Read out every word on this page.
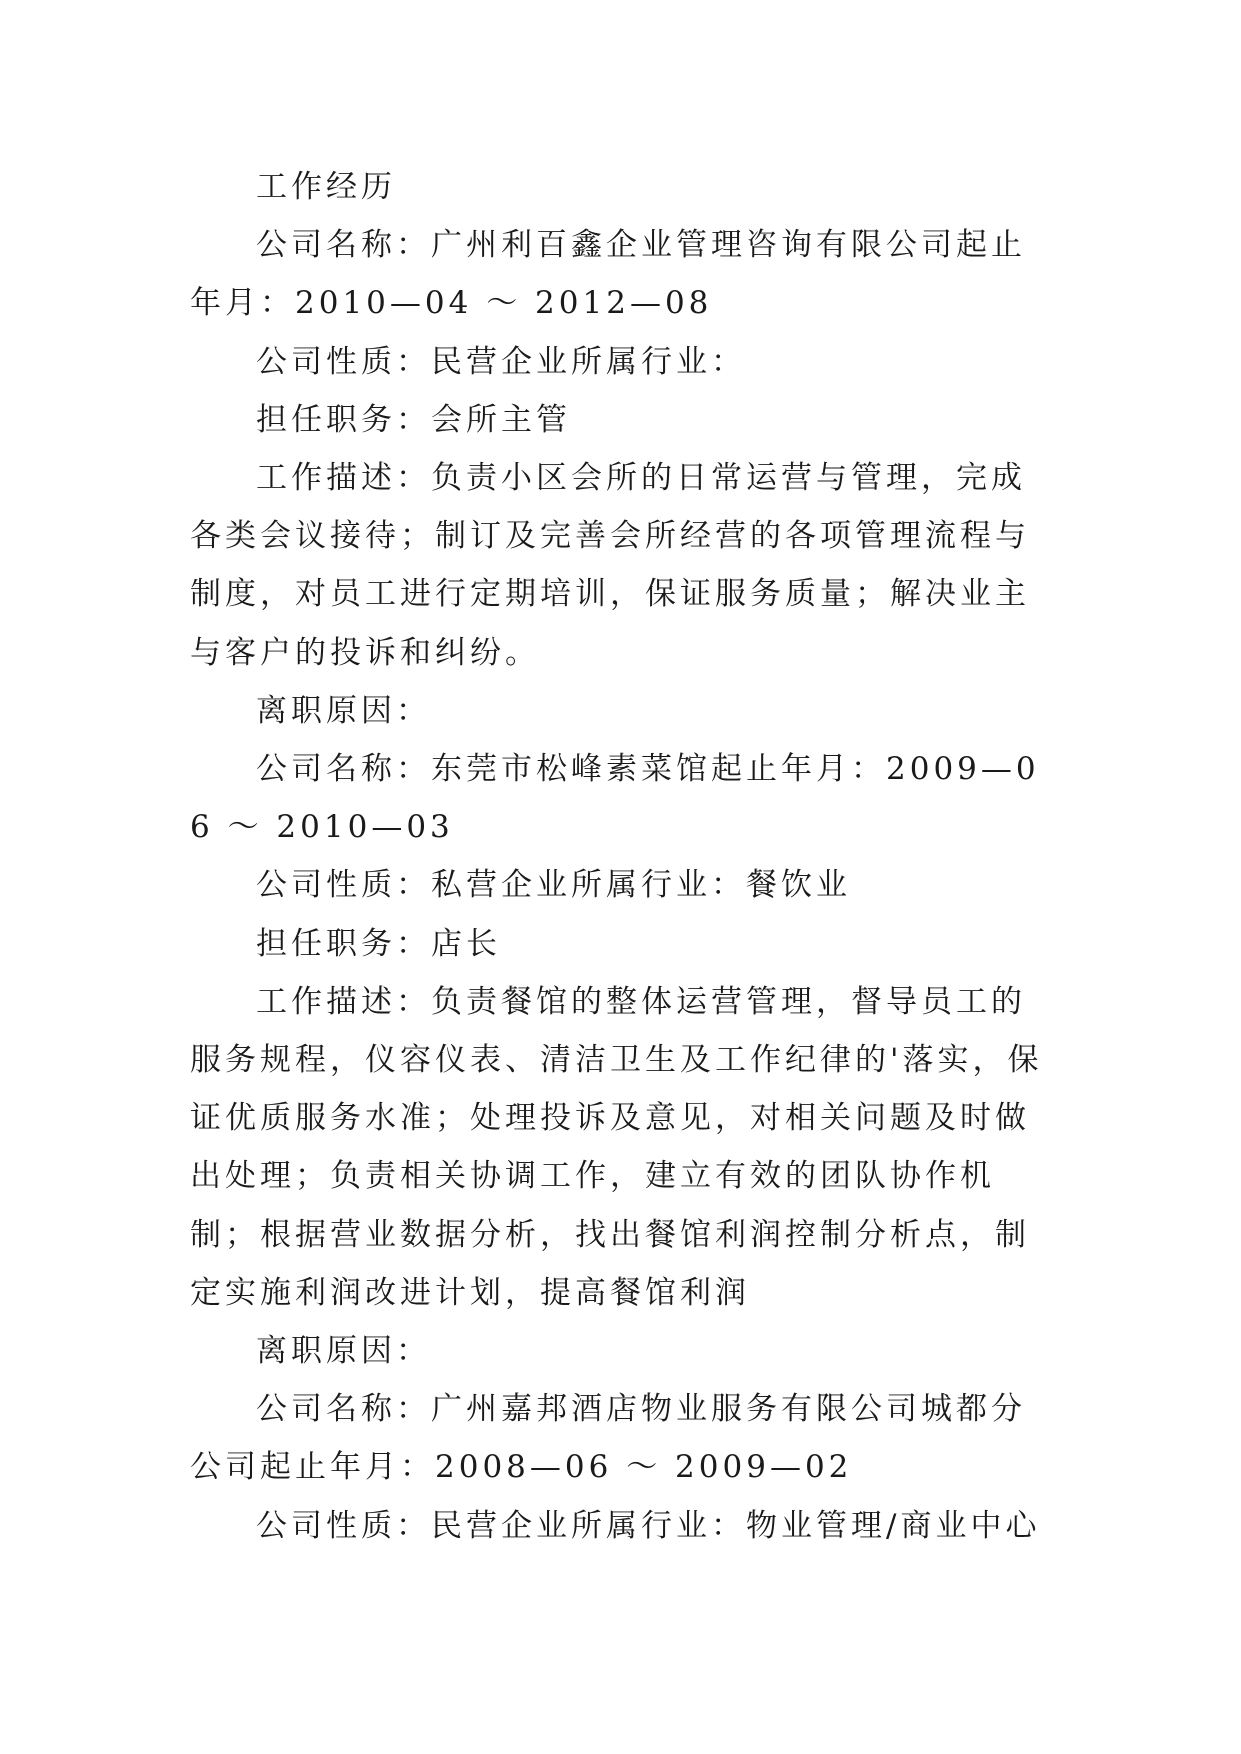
工作经历

公司名称：广州利百鑫企业管理咨询有限公司起止年月：2010—04 ～ 2012—08

公司性质：民营企业所属行业：

担任职务：会所主管

工作描述：负责小区会所的日常运营与管理，完成各类会议接待；制订及完善会所经营的各项管理流程与制度，对员工进行定期培训，保证服务质量；解决业主与客户的投诉和纠纷。

离职原因：

公司名称：东莞市松峰素菜馆起止年月：2009—06 ～ 2010—03

公司性质：私营企业所属行业：餐饮业

担任职务：店长

工作描述：负责餐馆的整体运营管理，督导员工的服务规程，仪容仪表、清洁卫生及工作纪律的'落实，保证优质服务水准；处理投诉及意见，对相关问题及时做出处理；负责相关协调工作，建立有效的团队协作机制；根据营业数据分析，找出餐馆利润控制分析点，制定实施利润改进计划，提高餐馆利润

离职原因：

公司名称：广州嘉邦酒店物业服务有限公司城都分公司起止年月：2008—06 ～ 2009—02

公司性质：民营企业所属行业：物业管理/商业中心
